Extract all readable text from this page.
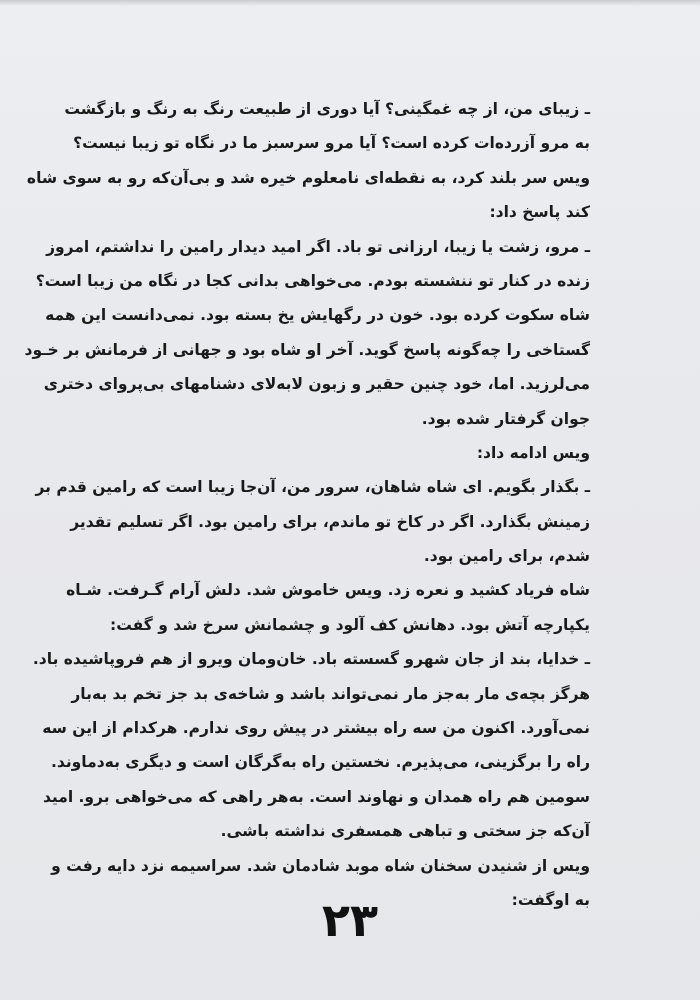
ـ زیبای من، از چه غمگینی؟ آیا دوری از طبیعت رنگ به رنگ و بازگشت
به مرو آزرده‌ات کرده است؟ آیا مرو سرسبز ما در نگاه تو زیبا نیست؟
ویس سر بلند کرد، به نقطه‌ای نامعلوم خیره شد و بی‌آن‌که رو به سوی شاه
کند پاسخ داد:
ـ مرو، زشت یا زیبا، ارزانی تو باد. اگر امید دیدار رامین را نداشتم، امروز
زنده در کنار تو ننشسته بودم. می‌خواهی بدانی کجا در نگاه من زیبا است؟
شاه سکوت کرده بود. خون در رگهایش یخ بسته بود. نمی‌دانست این همه
گستاخی را چه‌گونه پاسخ گوید. آخر او شاه بود و جهانی از فرمانش بر خـود
می‌لرزید. اما، خود چنین حقیر و زبون لابه‌لای دشنامهای بی‌پروای دختری
جوان گرفتار شده بود.
ویس ادامه داد:
ـ بگذار بگویم. ای شاه شاهان، سرور من، آن‌جا زیبا است که رامین قدم بر
زمینش بگذارد. اگر در کاخ تو ماندم، برای رامین بود. اگر تسلیم تقدیر
شدم، برای رامین بود.
شاه فریاد کشید و نعره زد. ویس خاموش شد. دلش آرام گـرفت. شـاه
یکپارچه آتش بود. دهانش کف آلود و چشمانش سرخ شد و گفت:
ـ خدایا، بند از جان شهرو گسسته باد. خان‌ومان ویرو از هم فروپاشیده باد.
هرگز بچه‌ی مار به‌جز مار نمی‌تواند باشد و شاخه‌ی بد جز تخم بد به‌بار
نمی‌آورد. اکنون من سه راه بیشتر در پیش روی ندارم. هرکدام از این سه
راه را برگزینی، می‌پذیرم. نخستین راه به‌گرگان است و دیگری به‌دماوند.
سومین هم راه همدان و نهاوند است. به‌هر راهی که می‌خواهی برو. امید
آن‌که جز سختی و تباهی همسفری نداشته باشی.
ویس از شنیدن سخنان شاه موبد شادمان شد. سراسیمه نزد دایه رفت و
به اوگفت:
۲۳
